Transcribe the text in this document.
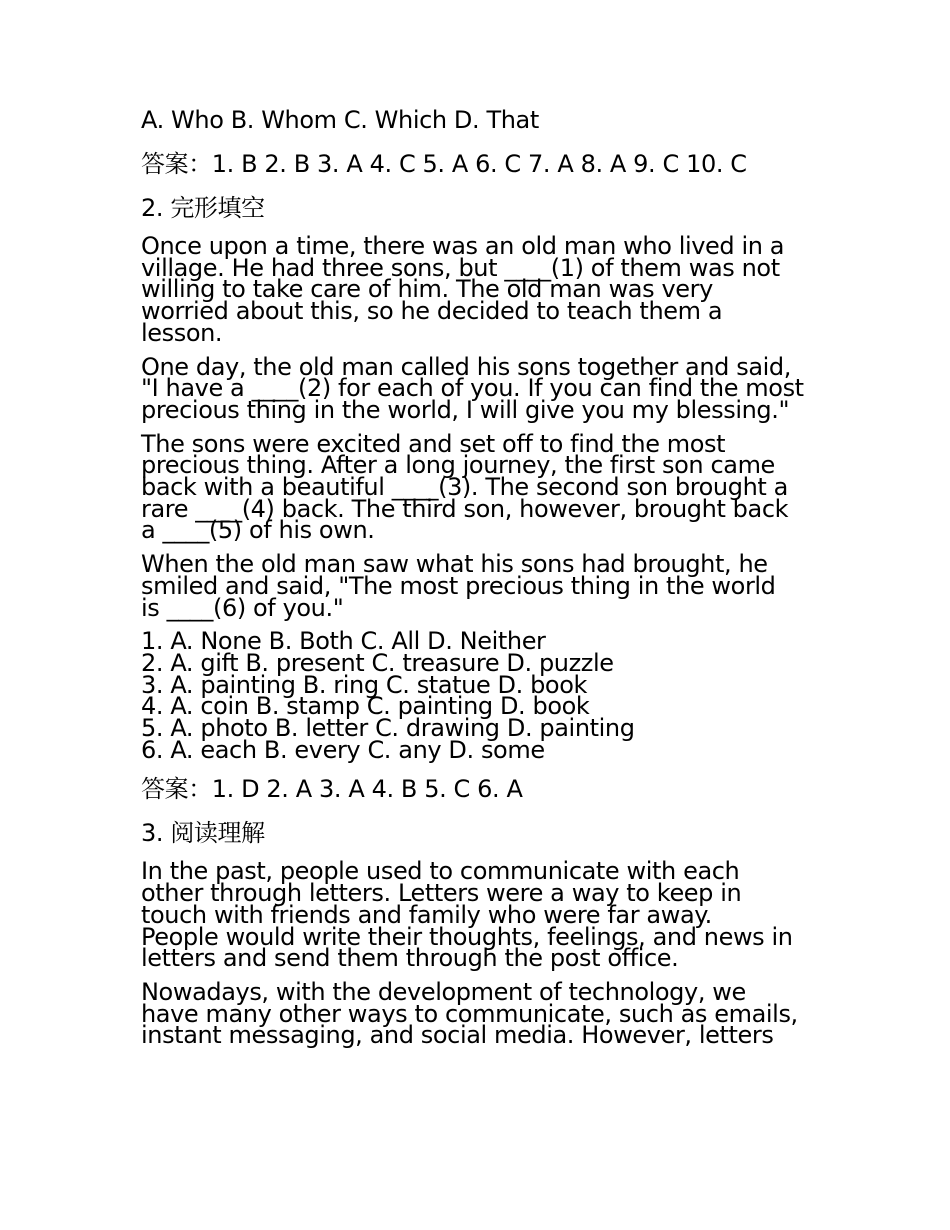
A. Who B. Whom C. Which D. That
答案：1. B 2. B 3. A 4. C 5. A 6. C 7. A 8. A 9. C 10. C
2. 完形填空
Once upon a time, there was an old man who lived in a
village. He had three sons, but ____(1) of them was not
willing to take care of him. The old man was very
worried about this, so he decided to teach them a
lesson.
One day, the old man called his sons together and said,
"I have a ____(2) for each of you. If you can find the most
precious thing in the world, I will give you my blessing."
The sons were excited and set off to find the most
precious thing. After a long journey, the first son came
back with a beautiful ____(3). The second son brought a
rare ____(4) back. The third son, however, brought back
a ____(5) of his own.
When the old man saw what his sons had brought, he
smiled and said, "The most precious thing in the world
is ____(6) of you."
1. A. None B. Both C. All D. Neither
2. A. gift B. present C. treasure D. puzzle
3. A. painting B. ring C. statue D. book
4. A. coin B. stamp C. painting D. book
5. A. photo B. letter C. drawing D. painting
6. A. each B. every C. any D. some
答案：1. D 2. A 3. A 4. B 5. C 6. A
3. 阅读理解
In the past, people used to communicate with each
other through letters. Letters were a way to keep in
touch with friends and family who were far away.
People would write their thoughts, feelings, and news in
letters and send them through the post office.
Nowadays, with the development of technology, we
have many other ways to communicate, such as emails,
instant messaging, and social media. However, letters
